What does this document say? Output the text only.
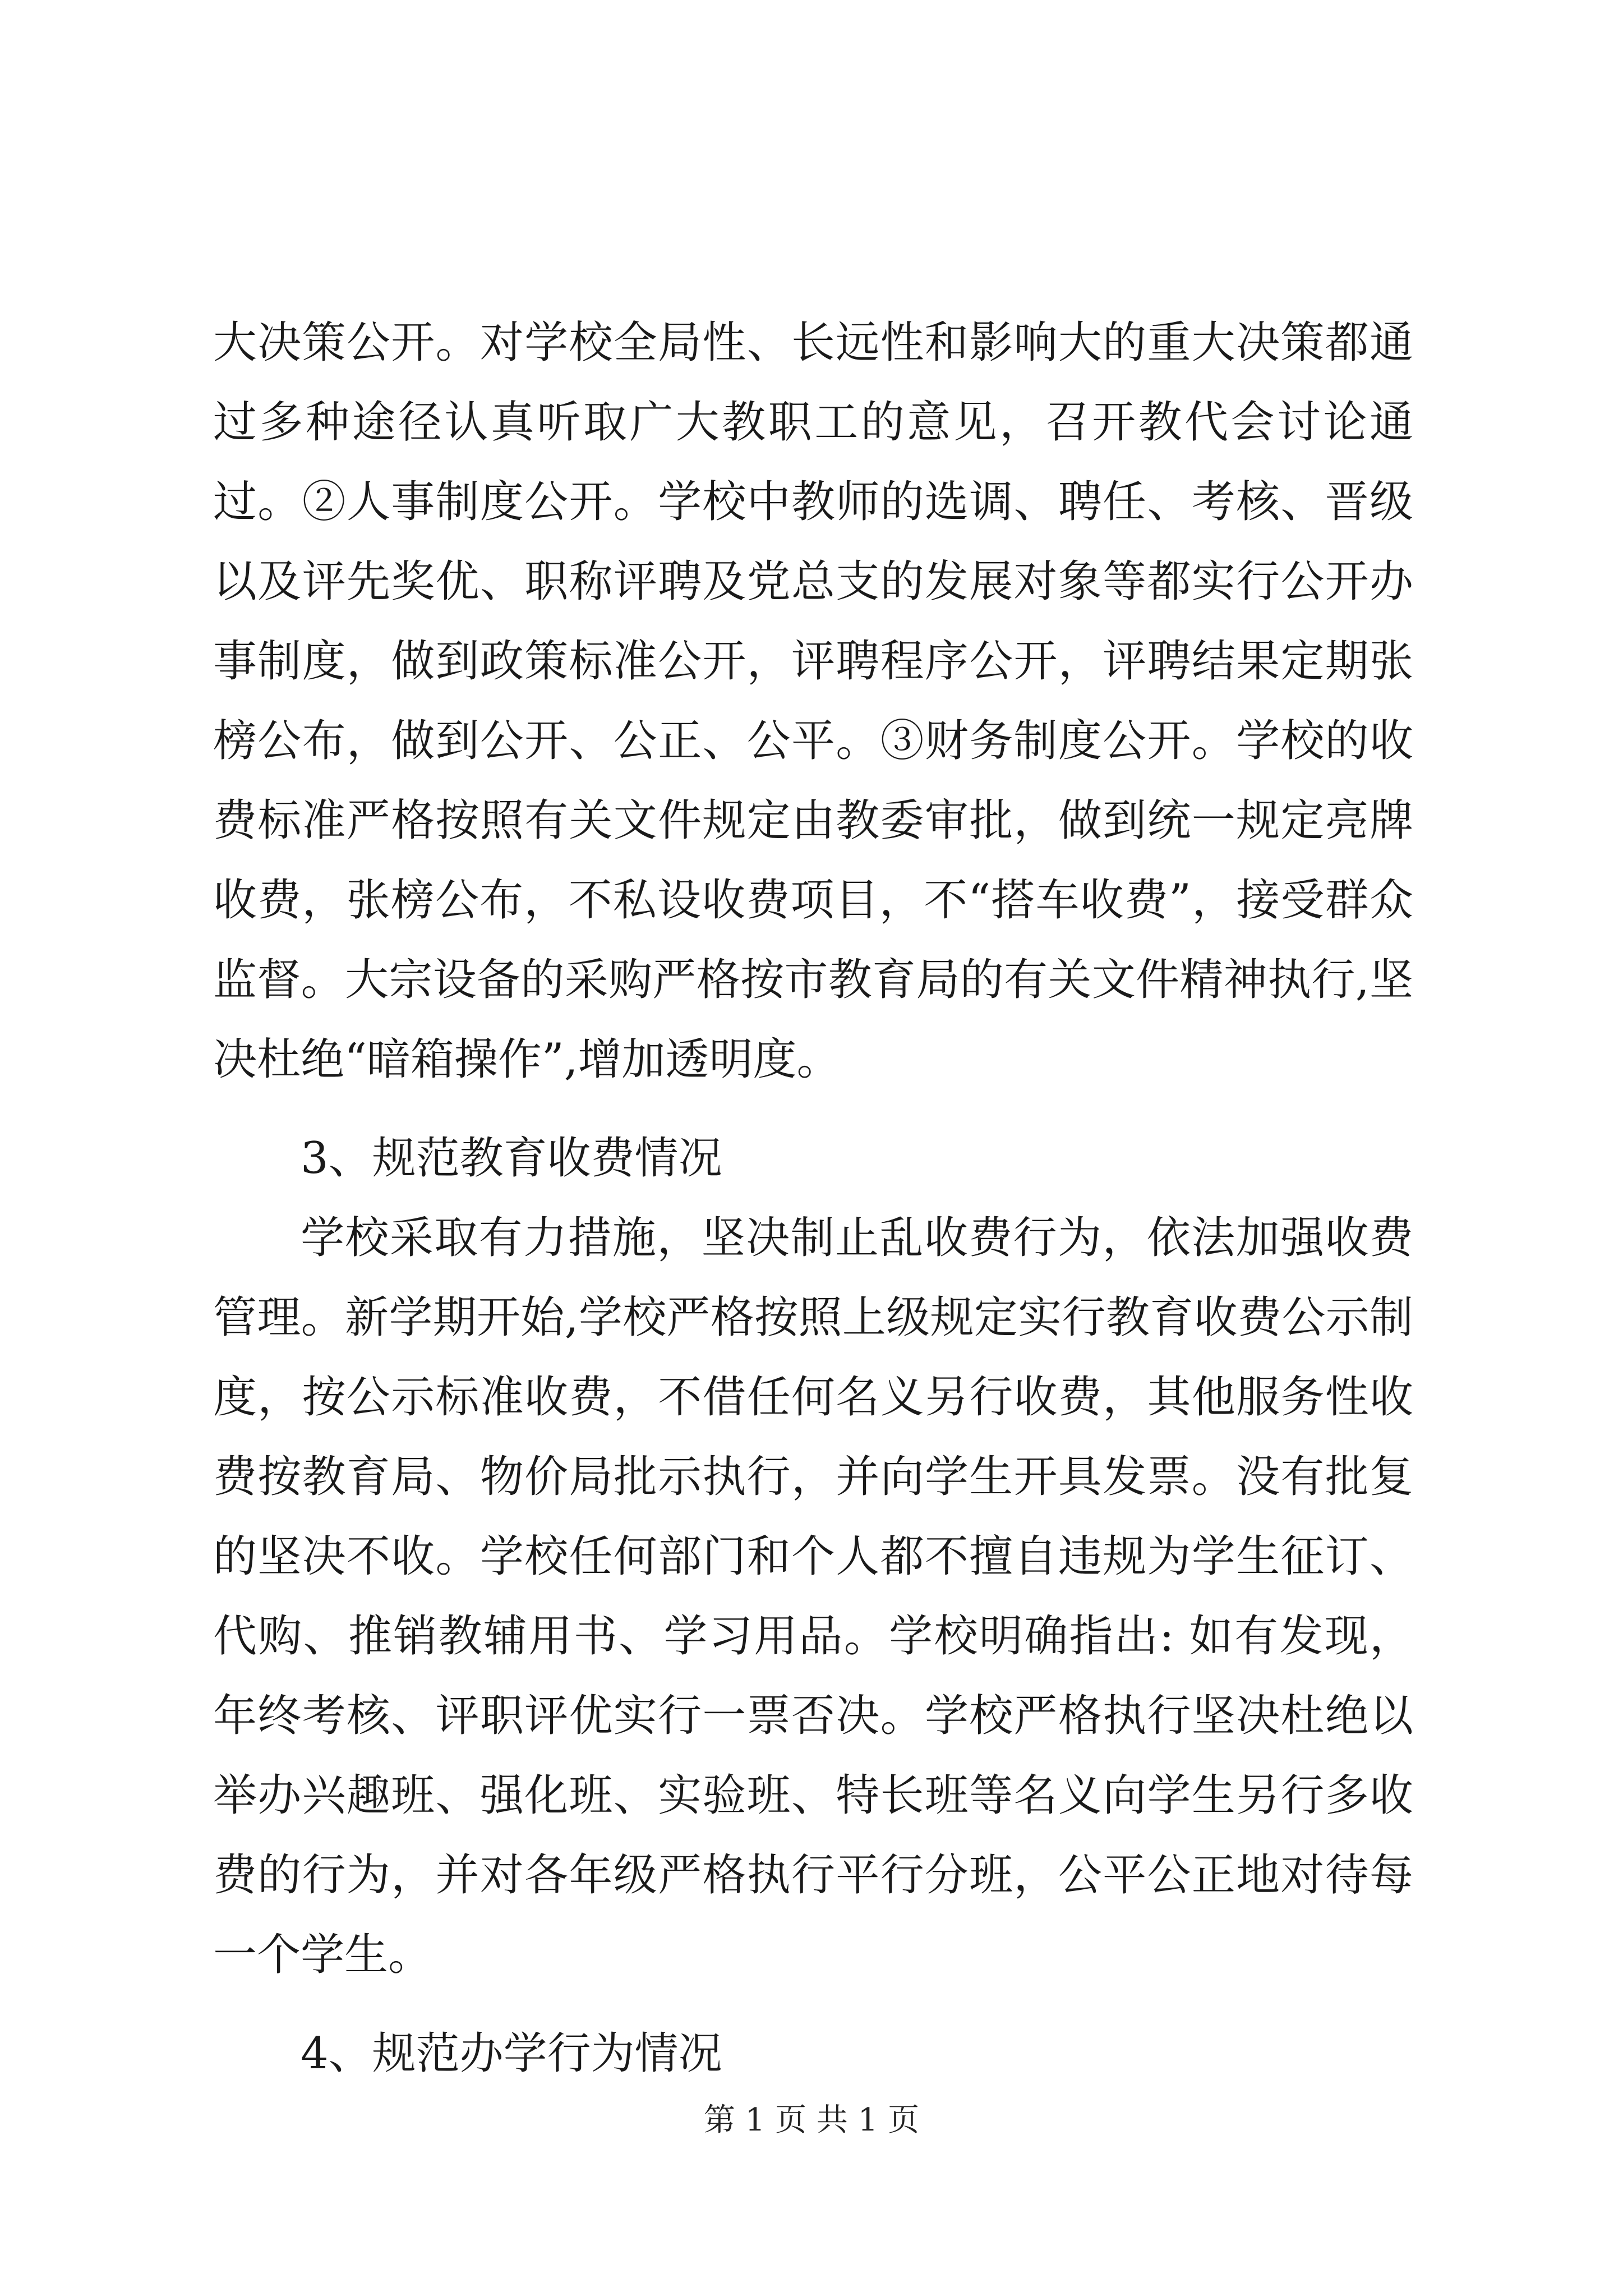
大决策公开。对学校全局性、长远性和影响大的重大决策都通过多种途径认真听取广大教职工的意见，召开教代会讨论通过。②人事制度公开。学校中教师的选调、聘任、考核、晋级以及评先奖优、职称评聘及党总支的发展对象等都实行公开办事制度，做到政策标准公开，评聘程序公开，评聘结果定期张榜公布，做到公开、公正、公平。③财务制度公开。学校的收费标准严格按照有关文件规定由教委审批，做到统一规定亮牌收费，张榜公布，不私设收费项目，不“搭车收费”，接受群众监督。大宗设备的采购严格按市教育局的有关文件精神执行,坚决杜绝“暗箱操作”,增加透明度。

3、规范教育收费情况

学校采取有力措施，坚决制止乱收费行为，依法加强收费管理。新学期开始,学校严格按照上级规定实行教育收费公示制度，按公示标准收费，不借任何名义另行收费，其他服务性收费按教育局、物价局批示执行，并向学生开具发票。没有批复的坚决不收。学校任何部门和个人都不擅自违规为学生征订、代购、推销教辅用书、学习用品。学校明确指出: 如有发现，年终考核、评职评优实行一票否决。学校严格执行坚决杜绝以举办兴趣班、强化班、实验班、特长班等名义向学生另行多收费的行为，并对各年级严格执行平行分班，公平公正地对待每一个学生。

4、规范办学行为情况

第 1 页 共 1 页
